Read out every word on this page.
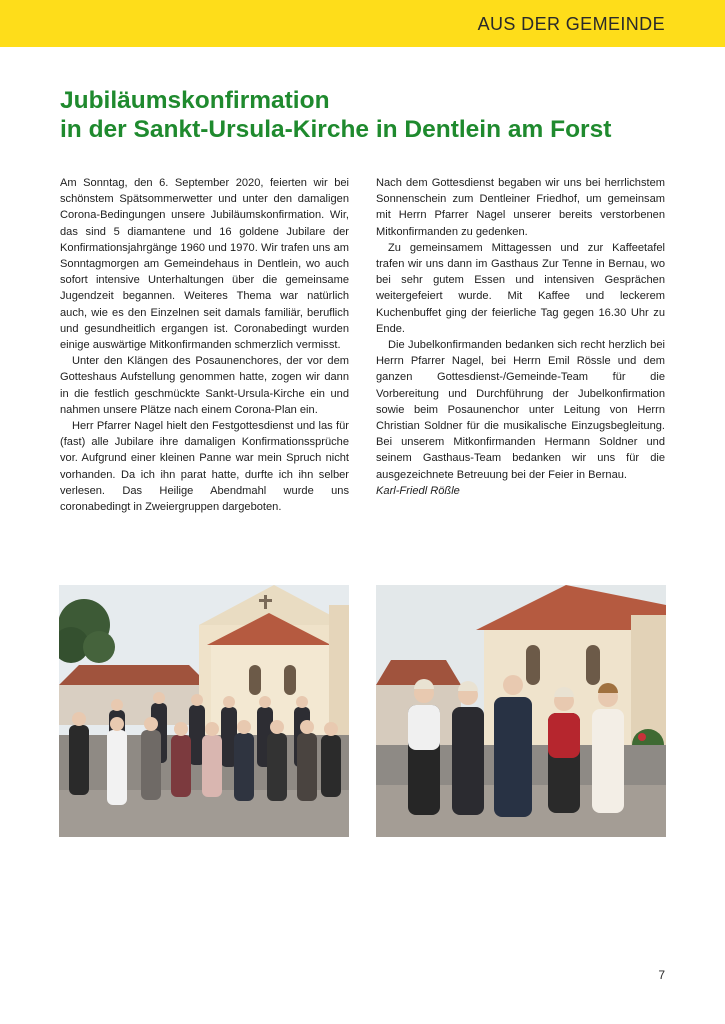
AUS DER GEMEINDE
Jubiläumskonfirmation
in der Sankt-Ursula-Kirche in Dentlein am Forst

Am Sonntag, den 6. September 2020, feierten wir bei schönstem Spätsommerwetter und unter den damaligen Corona-Bedingungen unsere Jubiläumskonfirmation. Wir, das sind 5 diamantene und 16 goldene Jubilare der Konfirmationsjahrgänge 1960 und 1970. Wir trafen uns am Sonntagmorgen am Gemeindehaus in Dentlein, wo auch sofort intensive Unterhaltungen über die gemeinsame Jugendzeit begannen. Weiteres Thema war natürlich auch, wie es den Einzelnen seit damals familiär, beruflich und gesundheitlich ergangen ist. Coronabedingt wurden einige auswärtige Mitkonfirmanden schmerzlich vermisst.

Unter den Klängen des Posaunenchores, der vor dem Gotteshaus Aufstellung genommen hatte, zogen wir dann in die festlich geschmückte Sankt-Ursula-Kirche ein und nahmen unsere Plätze nach einem Corona-Plan ein.

Herr Pfarrer Nagel hielt den Festgottesdienst und las für (fast) alle Jubilare ihre damaligen Konfirmationssprüche vor. Aufgrund einer kleinen Panne war mein Spruch nicht vorhanden. Da ich ihn parat hatte, durfte ich ihn selber verlesen. Das Heilige Abendmahl wurde uns coronabedingt in Zweiergruppen dargeboten.

Nach dem Gottesdienst begaben wir uns bei herrlichstem Sonnenschein zum Dentleiner Friedhof, um gemeinsam mit Herrn Pfarrer Nagel unserer bereits verstorbenen Mitkonfirmanden zu gedenken.

Zu gemeinsamem Mittagessen und zur Kaffeetafel trafen wir uns dann im Gasthaus Zur Tenne in Bernau, wo bei sehr gutem Essen und intensiven Gesprächen weitergefeiert wurde. Mit Kaffee und leckerem Kuchenbuffet ging der feierliche Tag gegen 16.30 Uhr zu Ende.

Die Jubelkonfirmanden bedanken sich recht herzlich bei Herrn Pfarrer Nagel, bei Herrn Emil Rössle und dem ganzen Gottesdienst-/Gemeinde-Team für die Vorbereitung und Durchführung der Jubelkonfirmation sowie beim Posaunenchor unter Leitung von Herrn Christian Soldner für die musikalische Einzugsbegleitung. Bei unserem Mitkonfirmanden Hermann Soldner und seinem Gasthaus-Team bedanken wir uns für die ausgezeichnete Betreuung bei der Feier in Bernau.

Karl-Friedl Rößle

7
